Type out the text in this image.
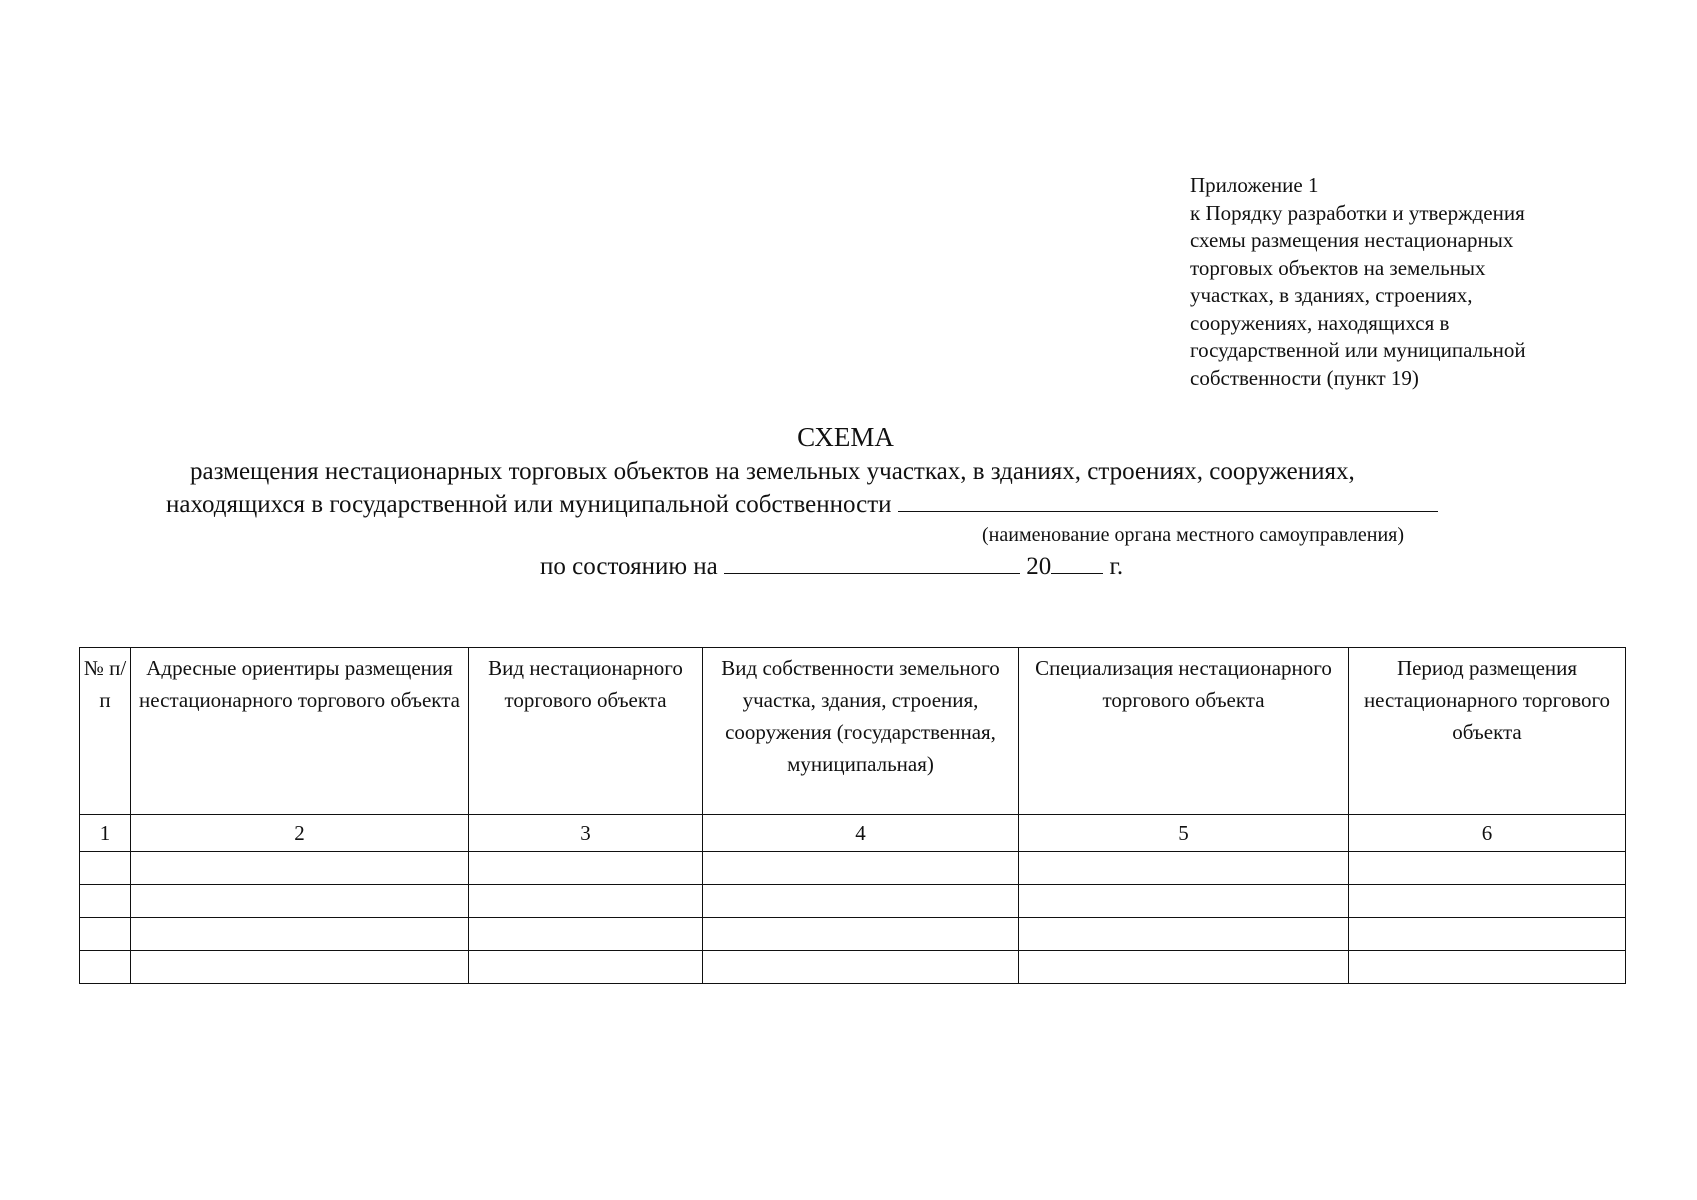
Приложение 1
к Порядку разработки и утверждения
схемы размещения нестационарных
торговых объектов на земельных
участках, в зданиях, строениях,
сооружениях, находящихся в
государственной или муниципальной
собственности (пункт 19)
СХЕМА
размещения нестационарных торговых объектов на земельных участках, в зданиях, строениях, сооружениях,
находящихся в государственной или муниципальной собственности
(наименование органа местного самоуправления)
по состоянию на	20 г.
№ п/п	Адресные ориентиры размещения нестационарного торгового объекта	Вид нестационарного торгового объекта	Вид собственности земельного участка, здания, строения, сооружения (государственная, муниципальная)	Специализация нестационарного торгового объекта	Период размещения нестационарного торгового объекта
1	2	3	4	5	6
